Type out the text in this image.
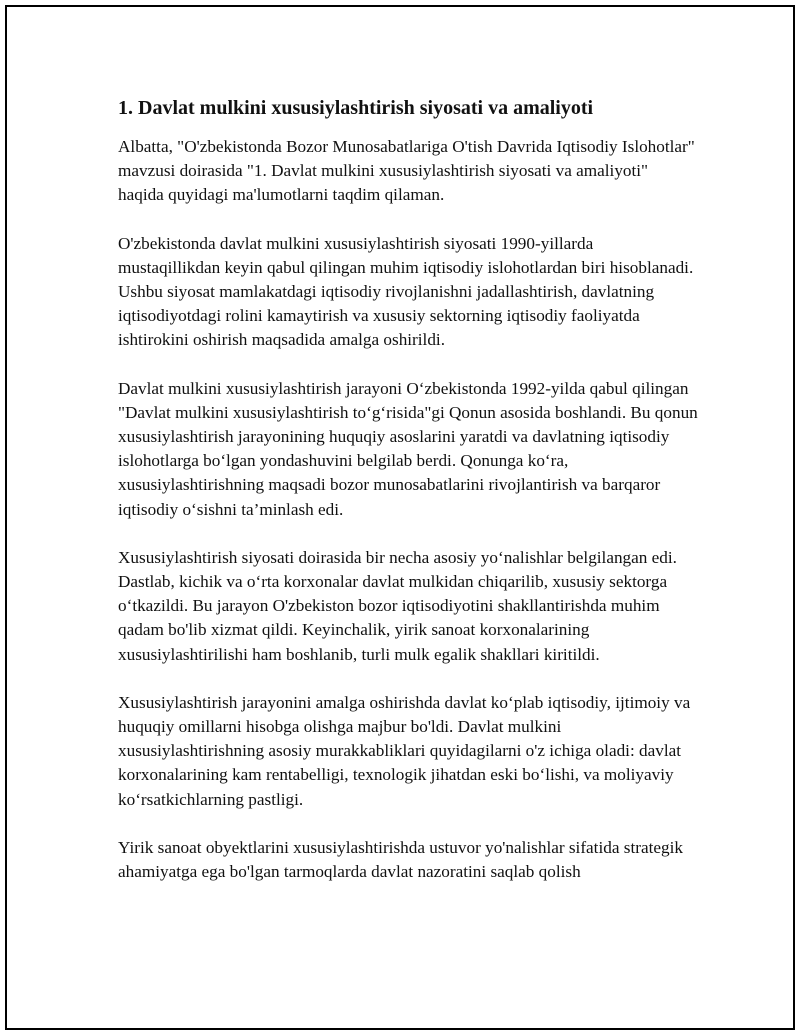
1. Davlat mulkini xususiylashtirish siyosati va amaliyoti

Albatta, "O'zbekistonda Bozor Munosabatlariga O'tish Davrida Iqtisodiy Islohotlar" mavzusi doirasida "1. Davlat mulkini xususiylashtirish siyosati va amaliyoti" haqida quyidagi ma'lumotlarni taqdim qilaman.

O'zbekistonda davlat mulkini xususiylashtirish siyosati 1990-yillarda mustaqillikdan keyin qabul qilingan muhim iqtisodiy islohotlardan biri hisoblanadi. Ushbu siyosat mamlakatdagi iqtisodiy rivojlanishni jadallashtirish, davlatning iqtisodiyotdagi rolini kamaytirish va xususiy sektorning iqtisodiy faoliyatda ishtirokini oshirish maqsadida amalga oshirildi.

Davlat mulkini xususiylashtirish jarayoni O‘zbekistonda 1992-yilda qabul qilingan "Davlat mulkini xususiylashtirish to‘g‘risida"gi Qonun asosida boshlandi. Bu qonun xususiylashtirish jarayonining huquqiy asoslarini yaratdi va davlatning iqtisodiy islohotlarga bo‘lgan yondashuvini belgilab berdi. Qonunga ko‘ra, xususiylashtirishning maqsadi bozor munosabatlarini rivojlantirish va barqaror iqtisodiy o‘sishni ta’minlash edi.

Xususiylashtirish siyosati doirasida bir necha asosiy yo‘nalishlar belgilangan edi. Dastlab, kichik va o‘rta korxonalar davlat mulkidan chiqarilib, xususiy sektorga o‘tkazildi. Bu jarayon O'zbekiston bozor iqtisodiyotini shakllantirishda muhim qadam bo'lib xizmat qildi. Keyinchalik, yirik sanoat korxonalarining xususiylashtirilishi ham boshlanib, turli mulk egalik shakllari kiritildi.

Xususiylashtirish jarayonini amalga oshirishda davlat ko‘plab iqtisodiy, ijtimoiy va huquqiy omillarni hisobga olishga majbur bo'ldi. Davlat mulkini xususiylashtirishning asosiy murakkabliklari quyidagilarni o'z ichiga oladi: davlat korxonalarining kam rentabelligi, texnologik jihatdan eski bo‘lishi, va moliyaviy ko‘rsatkichlarning pastligi.

Yirik sanoat obyektlarini xususiylashtirishda ustuvor yo'nalishlar sifatida strategik ahamiyatga ega bo'lgan tarmoqlarda davlat nazoratini saqlab qolish
